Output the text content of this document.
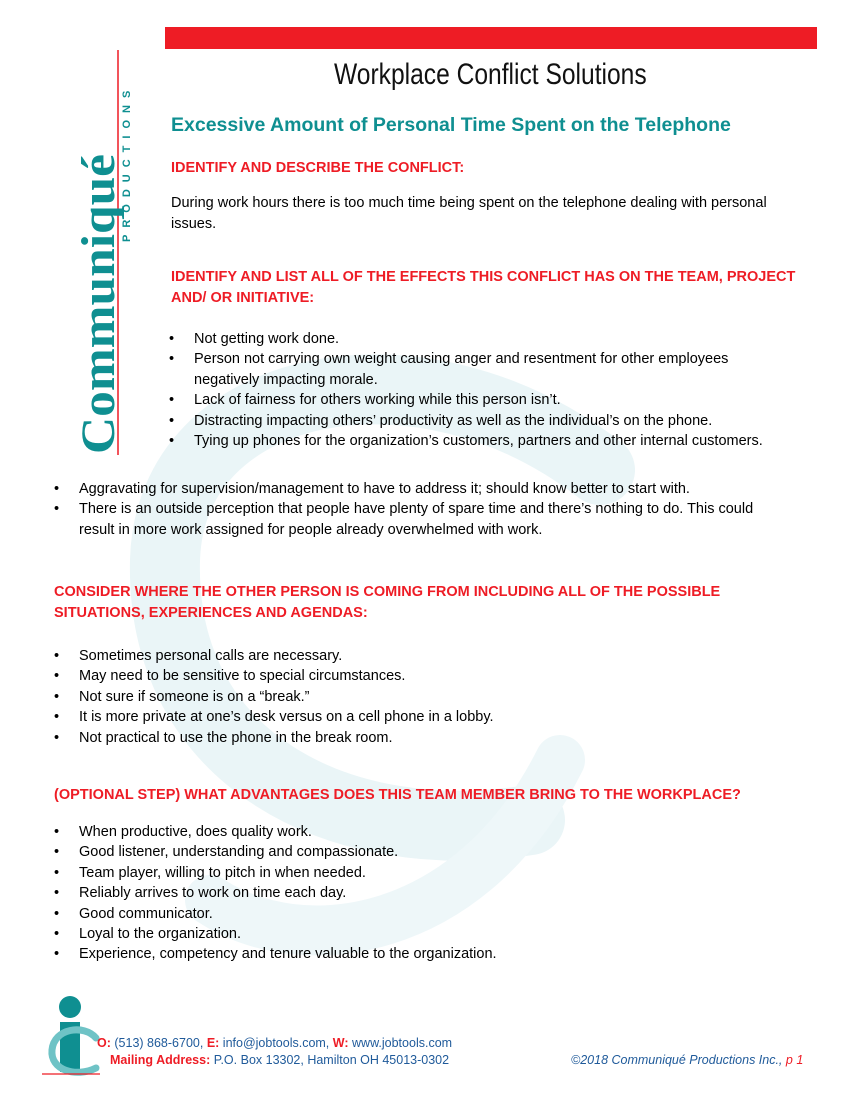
Communiqué
PRODUCTIONS
Workplace Conflict Solutions
Excessive Amount of Personal Time Spent on the Telephone
IDENTIFY AND DESCRIBE THE CONFLICT:
During work hours there is too much time being spent on the telephone dealing with personal issues.
IDENTIFY AND LIST ALL OF THE EFFECTS THIS CONFLICT HAS ON THE TEAM, PROJECT AND/ OR INITIATIVE:
• Not getting work done.
• Person not carrying own weight causing anger and resentment for other employees negatively impacting morale.
• Lack of fairness for others working while this person isn’t.
• Distracting impacting others’ productivity as well as the individual’s on the phone.
• Tying up phones for the organization’s customers, partners and other internal customers.
• Aggravating for supervision/management to have to address it; should know better to start with.
• There is an outside perception that people have plenty of spare time and there’s nothing to do. This could result in more work assigned for people already overwhelmed with work.
CONSIDER WHERE THE OTHER PERSON IS COMING FROM INCLUDING ALL OF THE POSSIBLE SITUATIONS, EXPERIENCES AND AGENDAS:
• Sometimes personal calls are necessary.
• May need to be sensitive to special circumstances.
• Not sure if someone is on a “break.”
• It is more private at one’s desk versus on a cell phone in a lobby.
• Not practical to use the phone in the break room.
(OPTIONAL STEP) WHAT ADVANTAGES DOES THIS TEAM MEMBER BRING TO THE WORKPLACE?
• When productive, does quality work.
• Good listener, understanding and compassionate.
• Team player, willing to pitch in when needed.
• Reliably arrives to work on time each day.
• Good communicator.
• Loyal to the organization.
• Experience, competency and tenure valuable to the organization.
O: (513) 868-6700, E: info@jobtools.com, W: www.jobtools.com
Mailing Address: P.O. Box 13302, Hamilton OH 45013-0302	©2018 Communiqué Productions Inc., p 1
